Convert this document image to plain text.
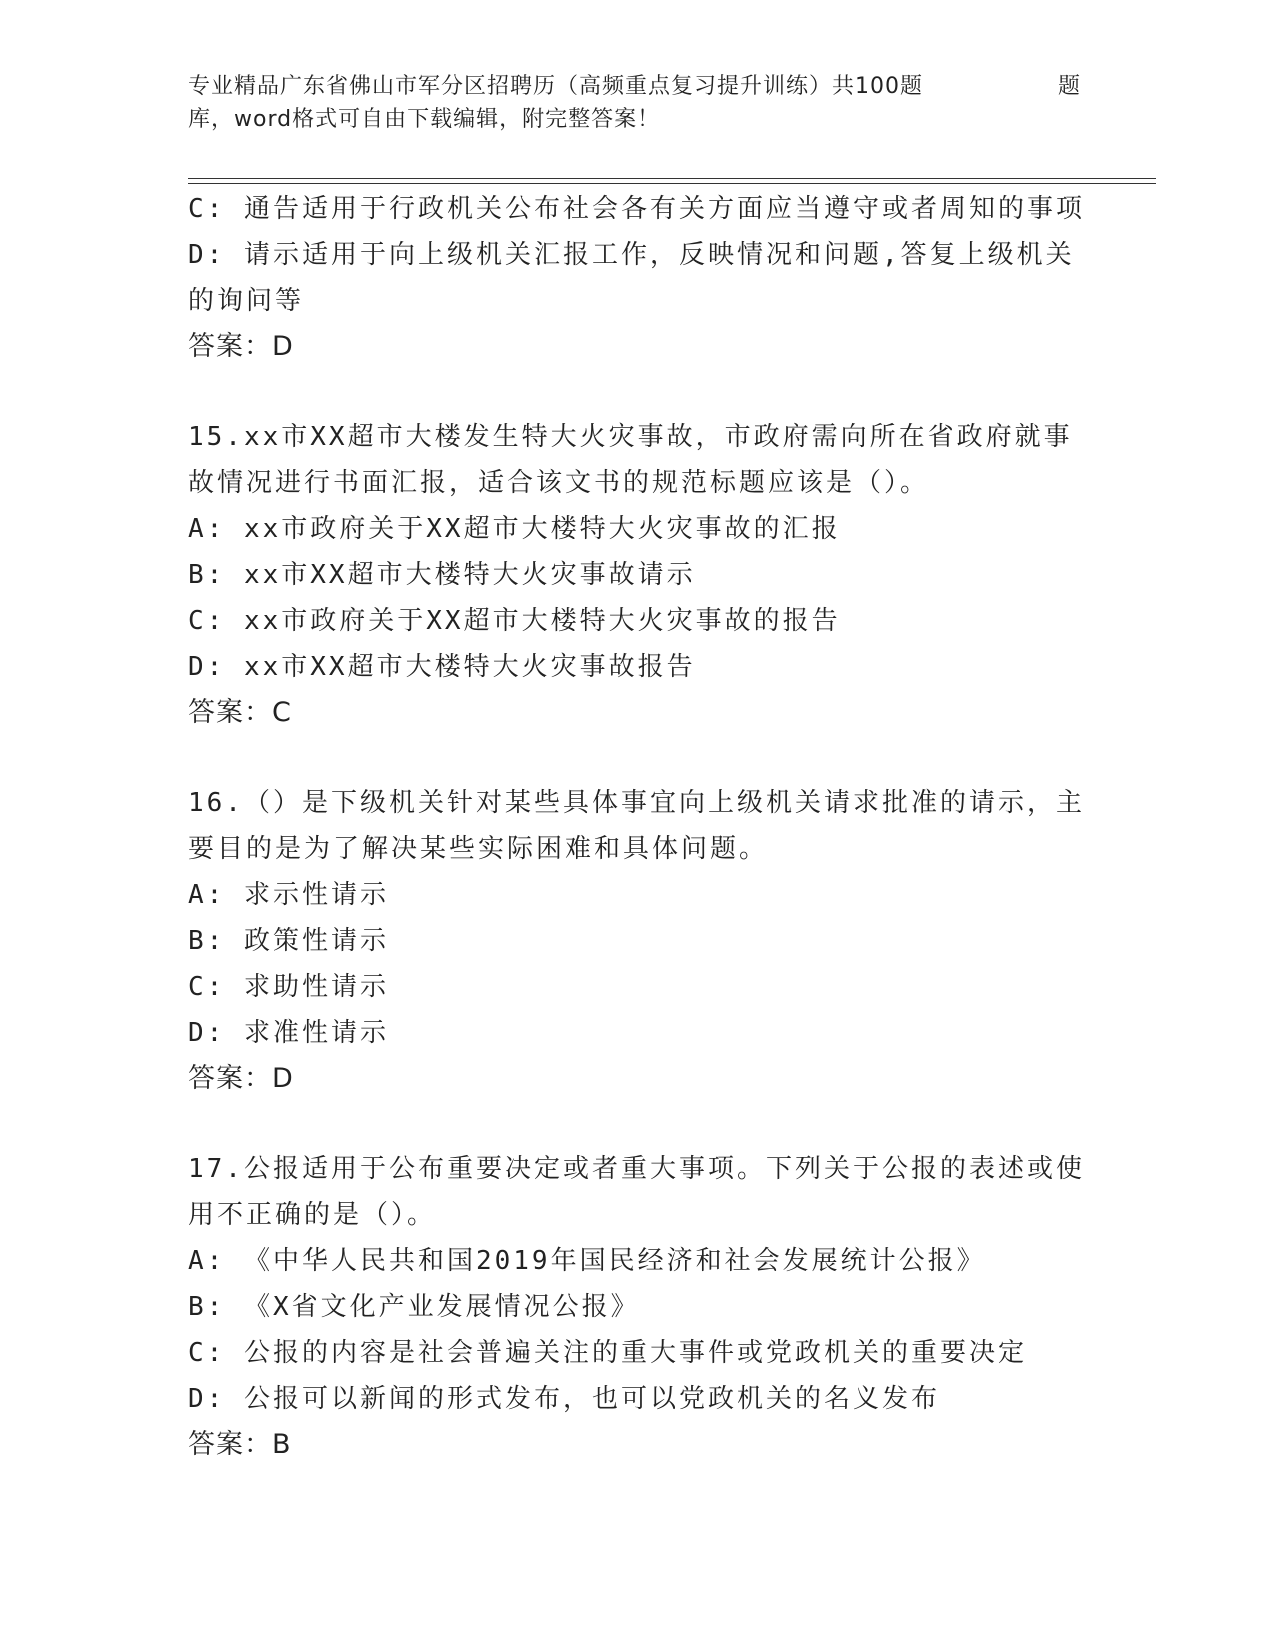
专业精品广东省佛山市军分区招聘历（高频重点复习提升训练）共100题	题
库，word格式可自由下载编辑，附完整答案！
C: 通告适用于行政机关公布社会各有关方面应当遵守或者周知的事项
D: 请示适用于向上级机关汇报工作，反映情况和问题,答复上级机关
的询问等
答案：D
15.xx市XX超市大楼发生特大火灾事故，市政府需向所在省政府就事
故情况进行书面汇报，适合该文书的规范标题应该是（）。
A: xx市政府关于XX超市大楼特大火灾事故的汇报
B: xx市XX超市大楼特大火灾事故请示
C: xx市政府关于XX超市大楼特大火灾事故的报告
D: xx市XX超市大楼特大火灾事故报告
答案：C
16.（）是下级机关针对某些具体事宜向上级机关请求批准的请示，主
要目的是为了解决某些实际困难和具体问题。
A: 求示性请示
B: 政策性请示
C: 求助性请示
D: 求准性请示
答案：D
17.公报适用于公布重要决定或者重大事项。下列关于公报的表述或使
用不正确的是（）。
A: 《中华人民共和国2019年国民经济和社会发展统计公报》
B: 《X省文化产业发展情况公报》
C: 公报的内容是社会普遍关注的重大事件或党政机关的重要决定
D: 公报可以新闻的形式发布，也可以党政机关的名义发布
答案：B
